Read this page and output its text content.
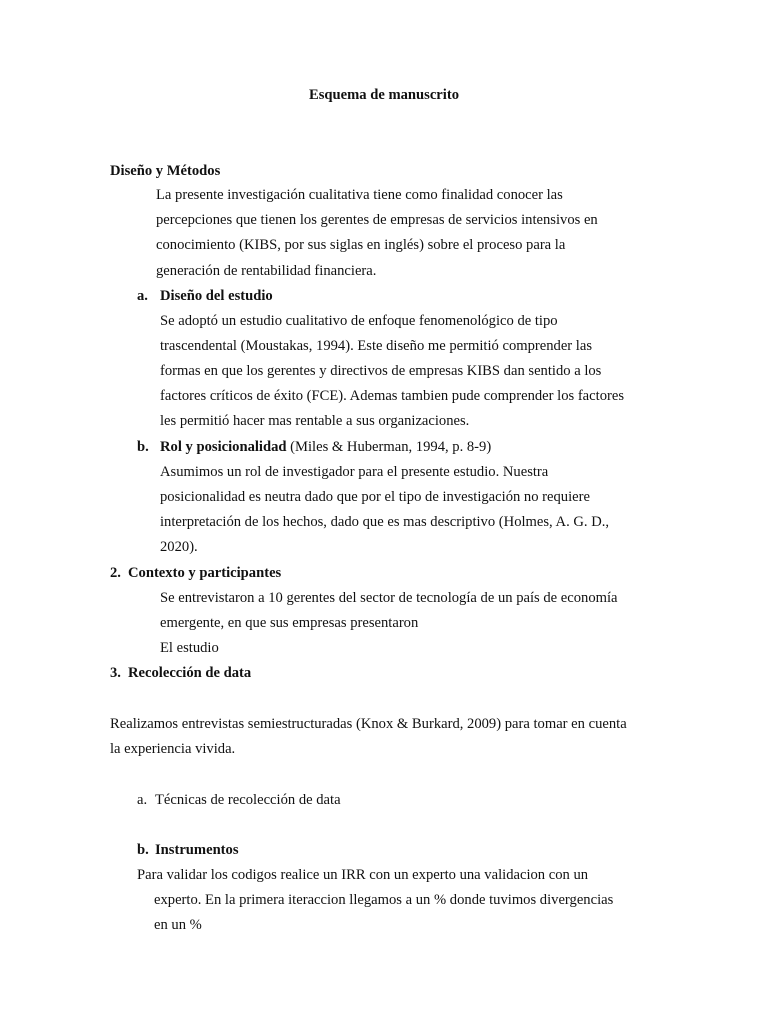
Esquema de manuscrito
Diseño y Métodos
La presente investigación cualitativa tiene como finalidad conocer las
percepciones que tienen los gerentes de empresas de servicios intensivos en
conocimiento (KIBS, por sus siglas en inglés) sobre el proceso para la
generación de rentabilidad financiera.
a. Diseño del estudio
Se adoptó un estudio cualitativo de enfoque fenomenológico de tipo
trascendental (Moustakas, 1994). Este diseño me permitió comprender las
formas en que los gerentes y directivos de empresas KIBS dan sentido a los
factores críticos de éxito (FCE). Ademas tambien pude comprender los factores
les permitió hacer mas rentable a sus organizaciones.
b. Rol y posicionalidad (Miles & Huberman, 1994, p. 8-9)
Asumimos un rol de investigador para el presente estudio. Nuestra
posicionalidad es neutra dado que por el tipo de investigación no requiere
interpretación de los hechos, dado que es mas descriptivo (Holmes, A. G. D.,
2020).
2. Contexto y participantes
Se entrevistaron a 10 gerentes del sector de tecnología de un país de economía
emergente, en que sus empresas presentaron
El estudio
3. Recolección de data
Realizamos entrevistas semiestructuradas (Knox & Burkard, 2009) para tomar en cuenta
la experiencia vivida.
a. Técnicas de recolección de data
b. Instrumentos
Para validar los codigos realice un IRR con un experto una validacion con un
experto. En la primera iteraccion llegamos a un % donde tuvimos divergencias
en un %
